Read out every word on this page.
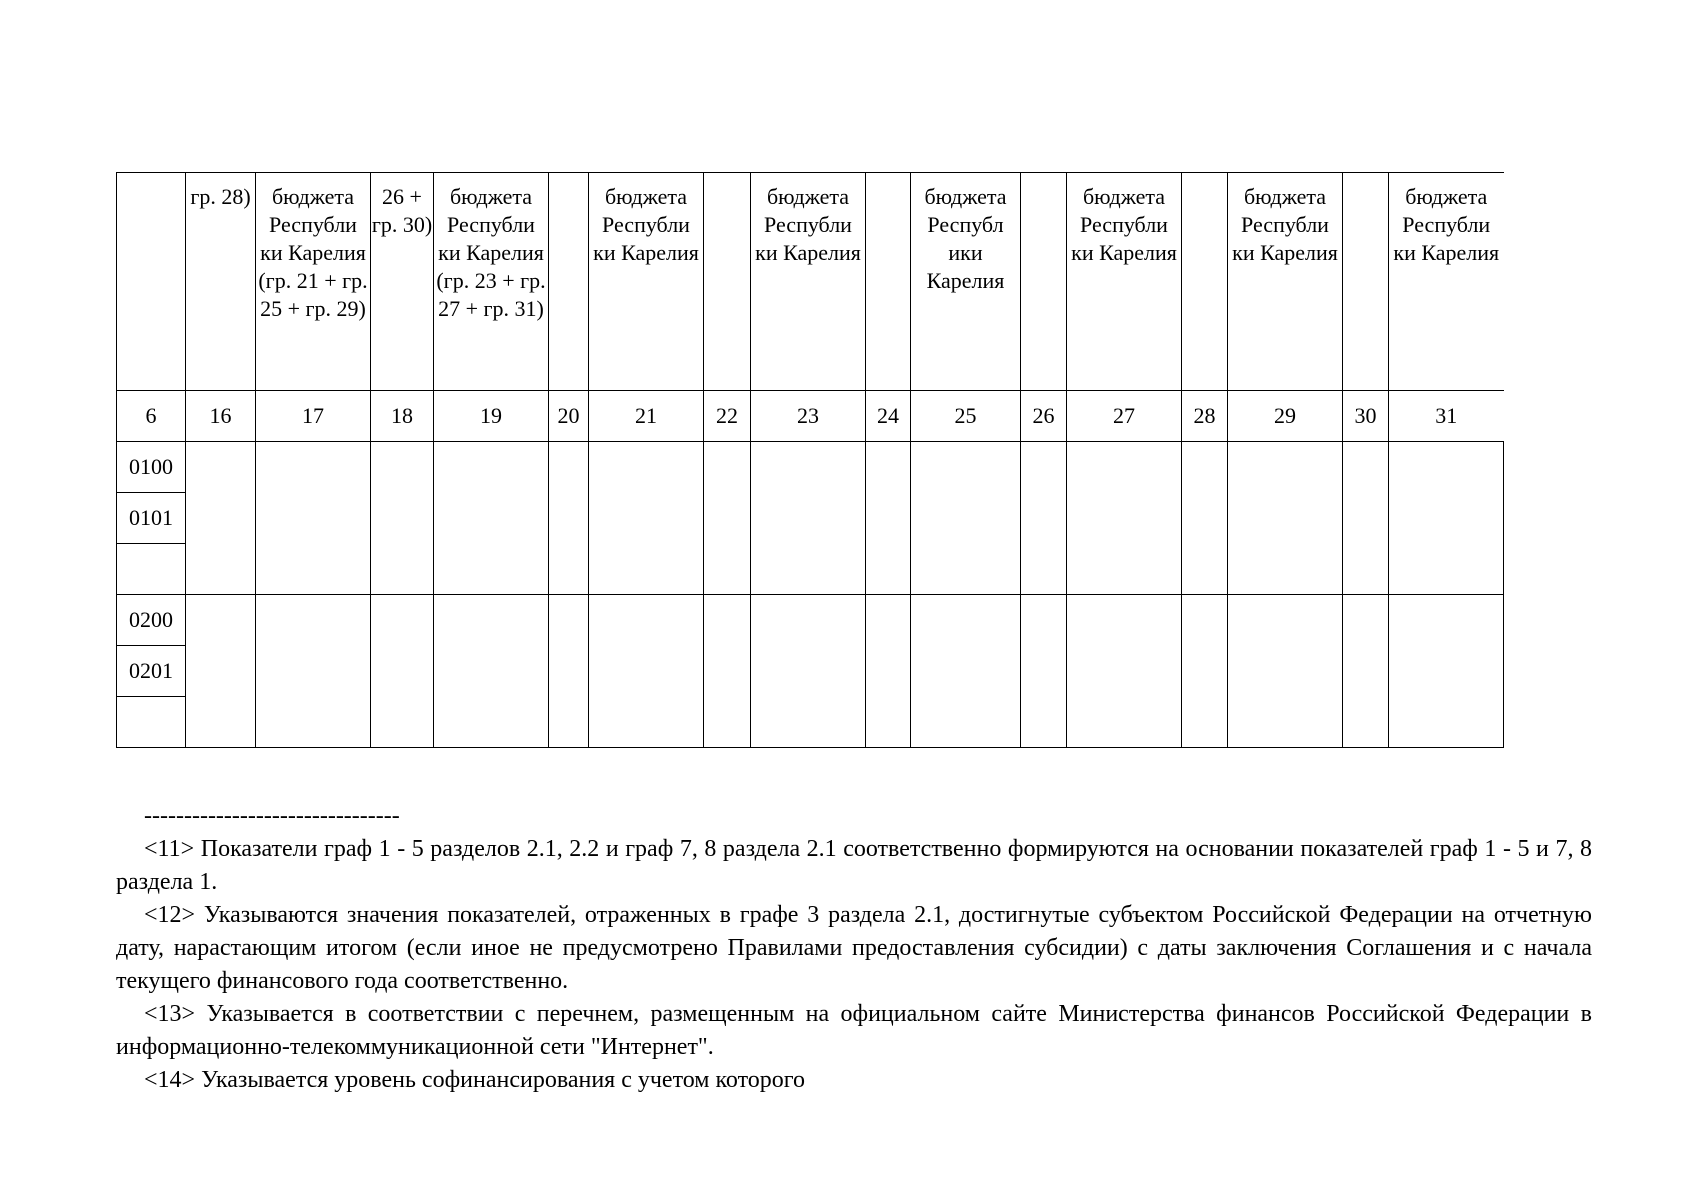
	гр. 28)	бюджета Республи ки Карелия (гр. 21 + гр. 25 + гр. 29)	26 + гр. 30)	бюджета Республи ки Карелия (гр. 23 + гр. 27 + гр. 31)		бюджета Республи ки Карелия		бюджета Республи ки Карелия		бюджета Республ ики Карелия		бюджета Республи ки Карелия		бюджета Республи ки Карелия		бюджета Республи ки Карелия
6	16	17	18	19	20	21	22	23	24	25	26	27	28	29	30	31
0100																
0101																

0200																
0201																

--------------------------------

<11> Показатели граф 1 - 5 разделов 2.1, 2.2 и граф 7, 8 раздела 2.1 соответственно формируются на основании показателей граф 1 - 5 и 7, 8 раздела 1.

<12> Указываются значения показателей, отраженных в графе 3 раздела 2.1, достигнутые субъектом Российской Федерации на отчетную дату, нарастающим итогом (если иное не предусмотрено Правилами предоставления субсидии) с даты заключения Соглашения и с начала текущего финансового года соответственно.

<13> Указывается в соответствии с перечнем, размещенным на официальном сайте Министерства финансов Российской Федерации в информационно-телекоммуникационной сети "Интернет".

<14> Указывается уровень софинансирования с учетом которого
